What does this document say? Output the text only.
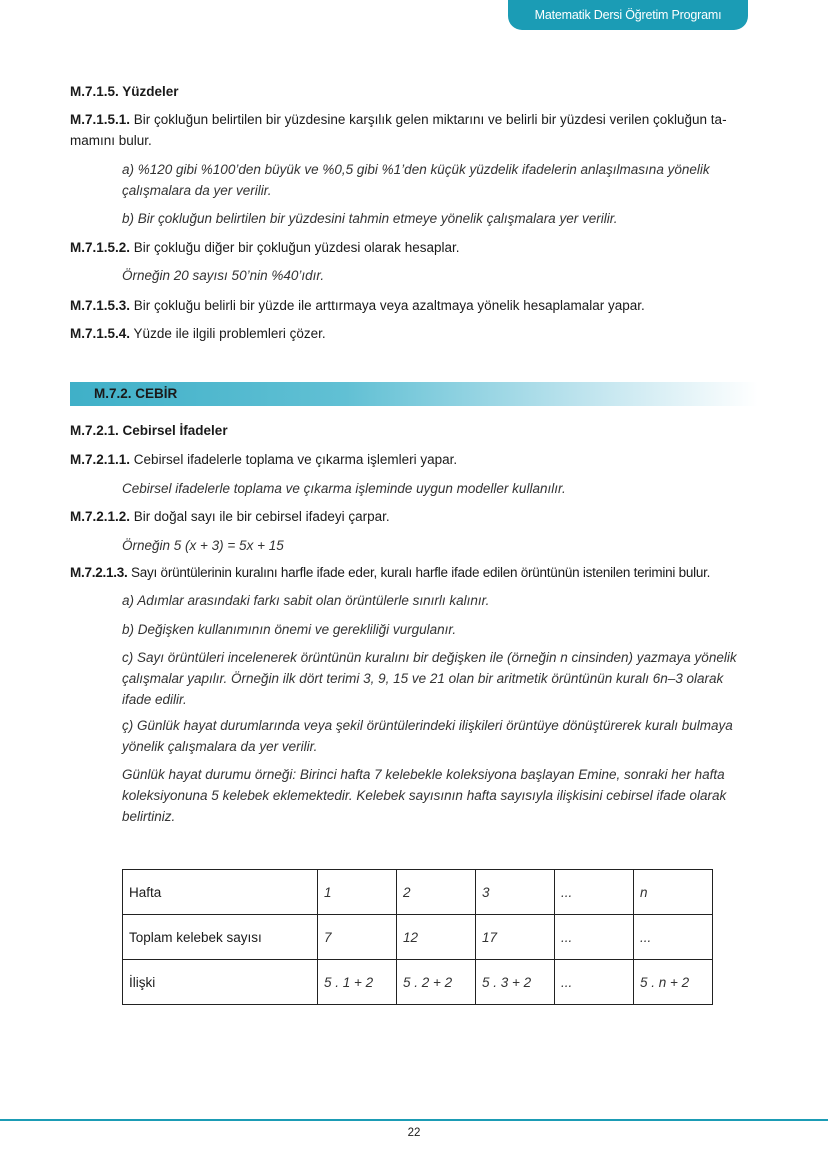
Matematik Dersi Öğretim Programı
M.7.1.5. Yüzdeler
M.7.1.5.1. Bir çokluğun belirtilen bir yüzdesine karşılık gelen miktarını ve belirli bir yüzdesi verilen çokluğun ta-
mamını bulur.
a) %120 gibi %100’den büyük ve %0,5 gibi %1’den küçük yüzdelik ifadelerin anlaşılmasına yönelik
çalışmalara da yer verilir.
b) Bir çokluğun belirtilen bir yüzdesini tahmin etmeye yönelik çalışmalara yer verilir.
M.7.1.5.2. Bir çokluğu diğer bir çokluğun yüzdesi olarak hesaplar.
Örneğin 20 sayısı 50’nin %40’ıdır.
M.7.1.5.3. Bir çokluğu belirli bir yüzde ile arttırmaya veya azaltmaya yönelik hesaplamalar yapar.
M.7.1.5.4. Yüzde ile ilgili problemleri çözer.
M.7.2. CEBİR
M.7.2.1. Cebirsel İfadeler
M.7.2.1.1. Cebirsel ifadelerle toplama ve çıkarma işlemleri yapar.
Cebirsel ifadelerle toplama ve çıkarma işleminde uygun modeller kullanılır.
M.7.2.1.2. Bir doğal sayı ile bir cebirsel ifadeyi çarpar.
Örneğin 5 (x + 3) = 5x + 15
M.7.2.1.3. Sayı örüntülerinin kuralını harfle ifade eder, kuralı harfle ifade edilen örüntünün istenilen terimini bulur.
a) Adımlar arasındaki farkı sabit olan örüntülerle sınırlı kalınır.
b) Değişken kullanımının önemi ve gerekliliği vurgulanır.
c) Sayı örüntüleri incelenerek örüntünün kuralını bir değişken ile (örneğin n cinsinden) yazmaya yönelik
çalışmalar yapılır. Örneğin ilk dört terimi 3, 9, 15 ve 21 olan bir aritmetik örüntünün kuralı 6n–3 olarak
ifade edilir.
ç) Günlük hayat durumlarında veya şekil örüntülerindeki ilişkileri örüntüye dönüştürerek kuralı bulmaya
yönelik çalışmalara da yer verilir.
Günlük hayat durumu örneği: Birinci hafta 7 kelebekle koleksiyona başlayan Emine, sonraki her hafta
koleksiyonuna 5 kelebek eklemektedir. Kelebek sayısının hafta sayısıyla ilişkisini cebirsel ifade olarak
belirtiniz.
Hafta	1	2	3	...	n
Toplam kelebek sayısı	7	12	17	...	...
İlişki	5 . 1 + 2	5 . 2 + 2	5 . 3 + 2	...	5 . n + 2
22
